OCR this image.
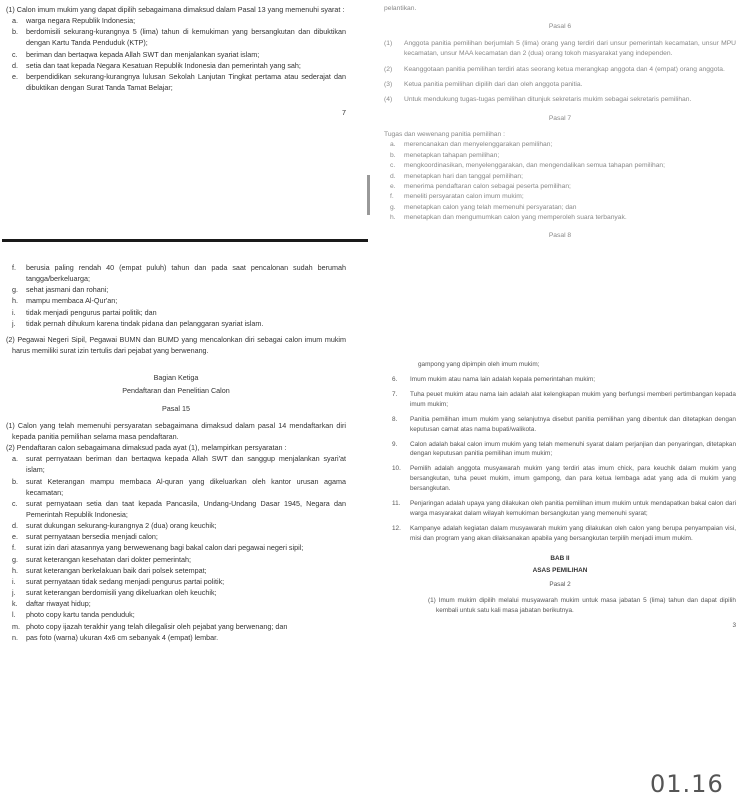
(1) Calon imum mukim yang dapat dipilih sebagaimana dimaksud dalam Pasal 13 yang memenuhi syarat :

a.	warga negara Republik Indonesia;
b.	berdomisili sekurang-kurangnya 5 (lima) tahun di kemukiman yang bersangkutan dan dibuktikan dengan Kartu Tanda Penduduk (KTP);
c.	beriman dan bertaqwa kepada Allah SWT dan menjalankan syariat islam;
d.	setia dan taat kepada Negara Kesatuan Republik Indonesia dan pemerintah yang sah;
e.	berpendidikan sekurang-kurangnya lulusan Sekolah Lanjutan Tingkat pertama atau sederajat dan dibuktikan dengan Surat Tanda Tamat Belajar;

7

f.	berusia paling rendah 40 (empat puluh) tahun dan pada saat pencalonan sudah berumah tangga/berkeluarga;
g.	sehat jasmani dan rohani;
h.	mampu membaca Al-Qur'an;
i.	tidak menjadi pengurus partai politik; dan
j.	tidak pernah dihukum karena tindak pidana dan pelanggaran syariat islam.

(2) Pegawai Negeri Sipil, Pegawai BUMN dan BUMD yang mencalonkan diri sebagai calon imum mukim harus memiliki surat izin tertulis dari pejabat yang berwenang.

Bagian Ketiga

Pendaftaran dan Penelitian Calon

Pasal 15

(1) Calon yang telah memenuhi persyaratan sebagaimana dimaksud dalam pasal 14 mendaftarkan diri kepada panitia pemilihan selama masa pendaftaran.

(2) Pendaftaran calon sebagaimana dimaksud pada ayat (1), melampirkan persyaratan :

a.	surat pernyataan beriman dan bertaqwa kepada Allah SWT dan sanggup menjalankan syari'at islam;
b.	surat Keterangan mampu membaca Al-quran yang dikeluarkan oleh kantor urusan agama kecamatan;
c.	surat pernyataan setia dan taat kepada Pancasila, Undang-Undang Dasar 1945, Negara dan Pemerintah Republik Indonesia;
d.	surat dukungan sekurang-kurangnya 2 (dua) orang keuchik;
e.	surat pernyataan bersedia menjadi calon;
f.	surat izin dari atasannya yang berwewenang bagi bakal calon dari pegawai negeri sipil;
g.	surat keterangan kesehatan dari dokter pemerintah;
h.	surat keterangan berkelakuan baik dari polsek setempat;
i.	surat pernyataan tidak sedang menjadi pengurus partai politik;
j.	surat keterangan berdomisili yang dikeluarkan oleh keuchik;
k.	daftar riwayat hidup;
l.	photo copy kartu tanda penduduk;
m. photo copy ijazah terakhir yang telah dilegalisir oleh pejabat yang berwenang; dan
n.	pas foto (warna) ukuran 4x6 cm sebanyak 4 (empat) lembar.

pelantikan.

Pasal 6

(1)	Anggota panitia pemilihan berjumlah 5 (lima) orang yang terdiri dari unsur pemerintah kecamatan, unsur MPU kecamatan, unsur MAA kecamatan dan 2 (dua) orang tokoh masyarakat yang independen.
(2)	Keanggotaan panitia pemilihan terdiri atas seorang ketua merangkap anggota dan 4 (empat) orang anggota.
(3)	Ketua panitia pemilihan dipilih dari dan oleh anggota panitia.
(4)	Untuk mendukung tugas-tugas pemilihan ditunjuk sekretaris mukim sebagai sekretaris pemilihan.

Pasal 7

Tugas dan wewenang panitia pemilihan :

a.	merencanakan dan menyelenggarakan pemilihan;
b.	menetapkan tahapan pemilihan;
c.	mengkoordinasikan, menyelenggarakan, dan mengendalikan semua tahapan pemilihan;
d.	menetapkan hari dan tanggal pemilihan;
e.	menerima pendaftaran calon sebagai peserta pemilihan;
f.	meneliti persyaratan calon imum mukim;
g.	menetapkan calon yang telah memenuhi persyaratan; dan
h.	menetapkan dan mengumumkan calon yang memperoleh suara terbanyak.

Pasal 8

gampong yang dipimpin oleh imum mukim;

6.	Imum mukim atau nama lain adalah kepala pemerintahan mukim;
7.	Tuha peuet mukim atau nama lain adalah alat kelengkapan mukim yang berfungsi memberi pertimbangan kepada imum mukim;
8.	Panitia pemilihan imum mukim yang selanjutnya disebut panitia pemilihan yang dibentuk dan ditetapkan dengan keputusan camat atas nama bupati/walikota.
9.	Calon adalah bakal calon imum mukim yang telah memenuhi syarat dalam perjanjian dan penyaringan, ditetapkan dengan keputusan panitia pemilihan imum mukim;
10.	Pemilih adalah anggota musyawarah mukim yang terdiri atas imum chick, para keuchik dalam mukim yang bersangkutan, tuha peuet mukim, imum gampong, dan para ketua lembaga adat yang ada di mukim yang bersangkutan.
11.	Penjaringan adalah upaya yang dilakukan oleh panitia pemilihan imum mukim untuk mendapatkan bakal calon dari warga masyarakat dalam wilayah kemukiman bersangkutan yang memenuhi syarat;
12.	Kampanye adalah kegiatan dalam musyawarah mukim yang dilakukan oleh calon yang berupa penyampaian visi, misi dan program yang akan dilaksanakan apabila yang bersangkutan terpilih menjadi imum mukim.

BAB II

ASAS PEMILIHAN

Pasal 2

(1) Imum mukim dipilih melalui musyawarah mukim untuk masa jabatan 5 (lima) tahun dan dapat dipilih kembali untuk satu kali masa jabatan berikutnya.

3

01.16
